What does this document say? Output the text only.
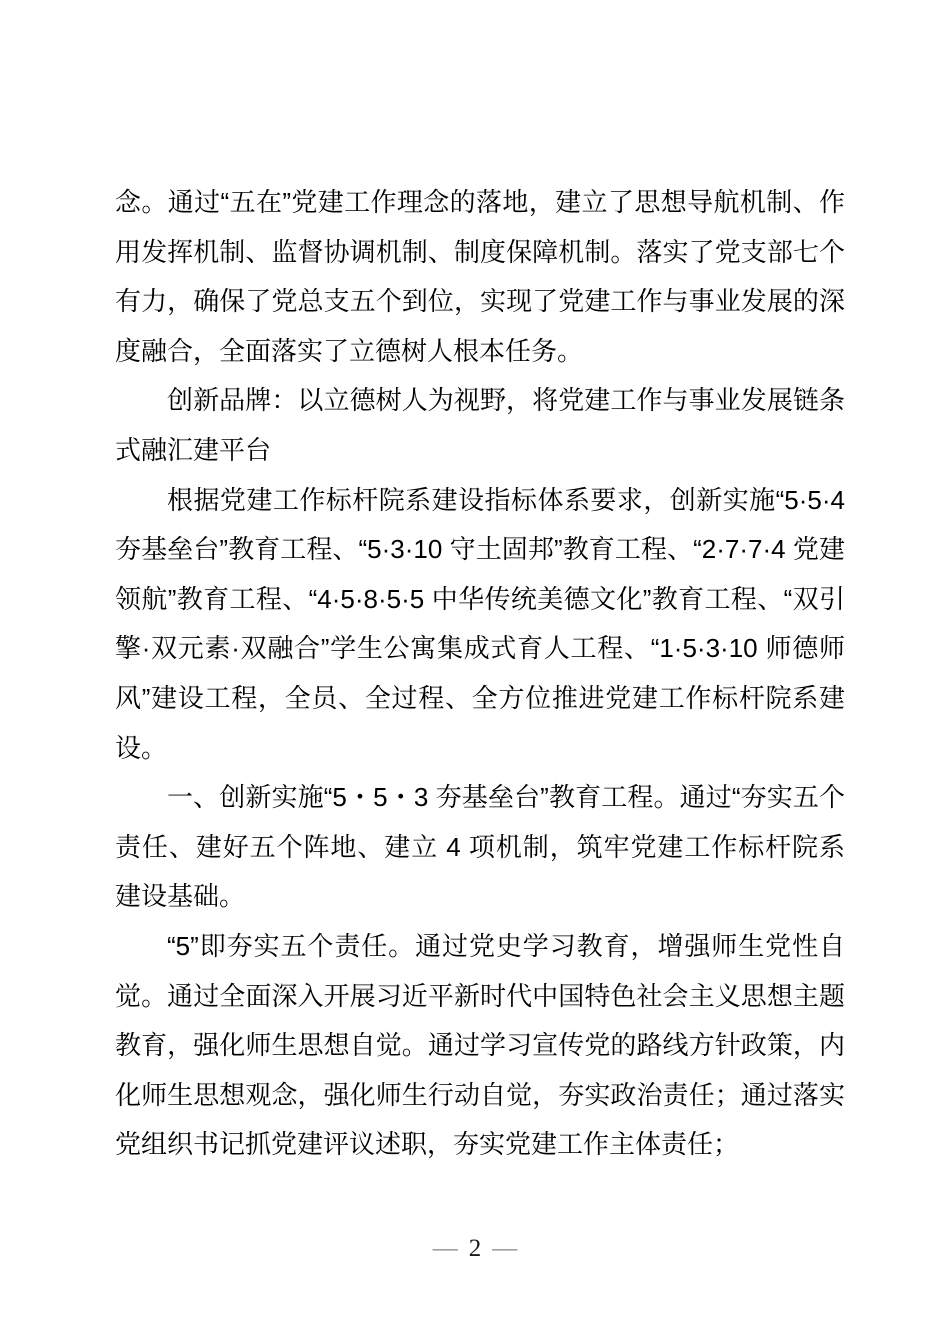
念。通过“五在”党建工作理念的落地，建立了思想导航机制、作用发挥机制、监督协调机制、制度保障机制。落实了党支部七个有力，确保了党总支五个到位，实现了党建工作与事业发展的深度融合，全面落实了立德树人根本任务。

创新品牌：以立德树人为视野，将党建工作与事业发展链条式融汇建平台

根据党建工作标杆院系建设指标体系要求，创新实施“5·5·4 夯基垒台”教育工程、“5·3·10 守土固邦”教育工程、“2·7·7·4 党建领航”教育工程、“4·5·8·5·5 中华传统美德文化”教育工程、“双引擎·双元素·双融合”学生公寓集成式育人工程、“1·5·3·10 师德师风”建设工程，全员、全过程、全方位推进党建工作标杆院系建设。

一、创新实施“5・5・3 夯基垒台”教育工程。通过“夯实五个责任、建好五个阵地、建立 4 项机制，筑牢党建工作标杆院系建设基础。

“5”即夯实五个责任。通过党史学习教育，增强师生党性自觉。通过全面深入开展习近平新时代中国特色社会主义思想主题教育，强化师生思想自觉。通过学习宣传党的路线方针政策，内化师生思想观念，强化师生行动自觉，夯实政治责任；通过落实党组织书记抓党建评议述职，夯实党建工作主体责任；

— 2 —
